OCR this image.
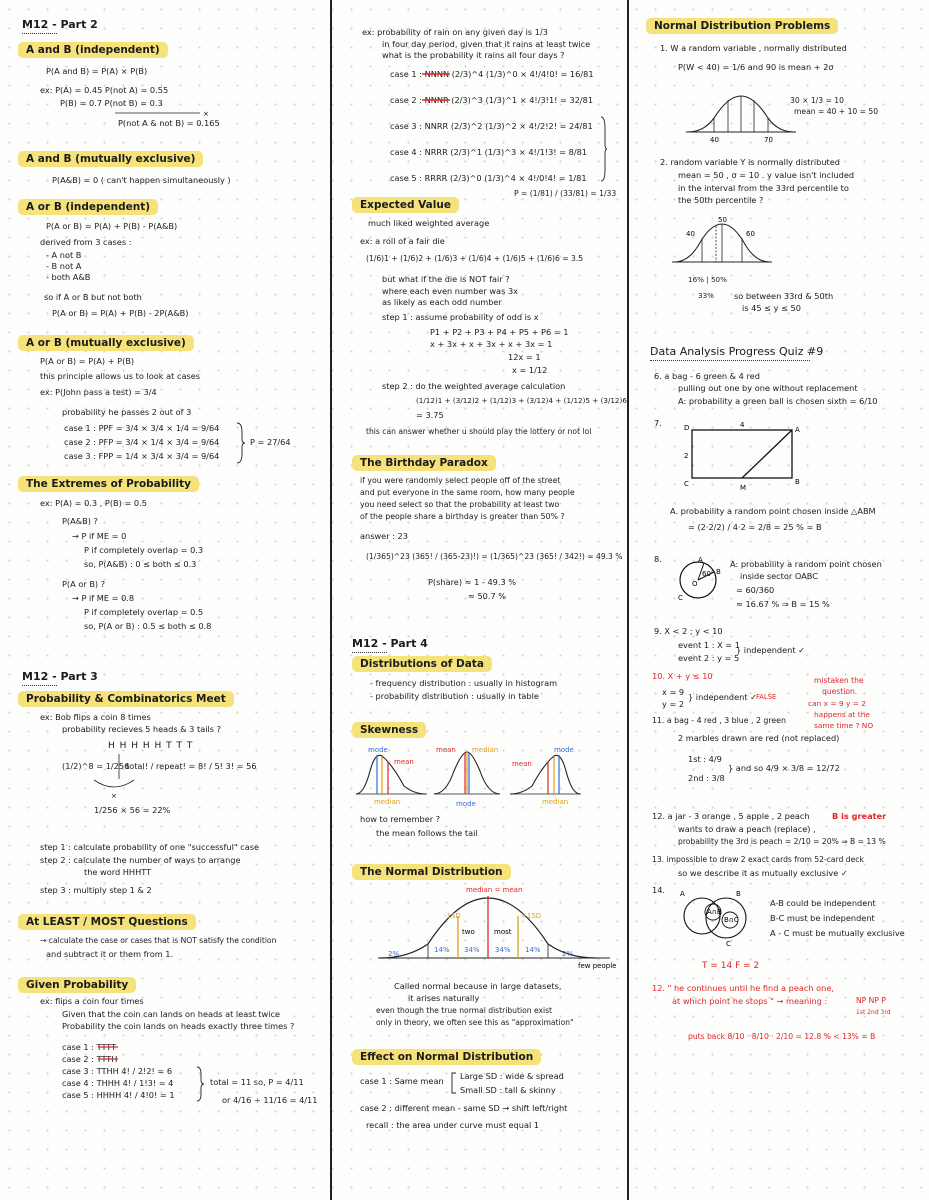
M12 - Part 2
A and B (independent)
P(A and B) = P(A) × P(B)
ex: P(A) = 0.45 P(not A) = 0.55
P(B) = 0.7 P(not B) = 0.3
×
P(not A & not B) = 0.165
A and B (mutually exclusive)
P(A&B) = 0 ( can't happen simultaneously )
A or B (independent)
P(A or B) = P(A) + P(B) - P(A&B)
derived from 3 cases :
- A not B
- B not A
- both A&B
so if A or B but not both
P(A or B) = P(A) + P(B) - 2P(A&B)
A or B (mutually exclusive)
P(A or B) = P(A) + P(B)
this principle allows us to look at cases
ex: P(John pass a test) = 3/4
probability he passes 2 out of 3
case 1 : PPF = 3/4 × 3/4 × 1/4 = 9/64
case 2 : PFP = 3/4 × 1/4 × 3/4 = 9/64
case 3 : FPP = 1/4 × 3/4 × 3/4 = 9/64
P = 27/64
The Extremes of Probability
ex: P(A) = 0.3 , P(B) = 0.5
P(A&B) ?
→ P if ME = 0
P if completely overlap = 0.3
so, P(A&B) : 0 ≤ both ≤ 0.3
P(A or B) ?
→ P if ME = 0.8
P if completely overlap = 0.5
so, P(A or B) : 0.5 ≤ both ≤ 0.8
M12 - Part 3
Probability & Combinatorics Meet
ex: Bob flips a coin 8 times
probability recieves 5 heads & 3 tails ?
H H H H H T T T
(1/2)^8 = 1/256
total! / repeat! = 8! / 5! 3! = 56
×
1/256 × 56 = 22%
step 1 : calculate probability of one "successful" case
step 2 : calculate the number of ways to arrange
the word HHHTT
step 3 : multiply step 1 & 2
At LEAST / MOST Questions
→ calculate the case or cases that is NOT satisfy the condition
and subtract it or them from 1.
Given Probability
ex: flips a coin four times
Given that the coin can lands on heads at least twice
Probability the coin lands on heads exactly three times ?
case 1 : TTTT
case 2 : TTTH
case 3 : TTHH 4! / 2!2! = 6
case 4 : THHH 4! / 1!3! = 4
case 5 : HHHH 4! / 4!0! = 1
total = 11 so, P = 4/11
or 4/16 ÷ 11/16 = 4/11
ex: probability of rain on any given day is 1/3
in four day period, given that it rains at least twice
what is the probability it rains all four days ?
case 1 : NNNN (2/3)^4 (1/3)^0 × 4!/4!0! = 16/81
case 2 : NNNR (2/3)^3 (1/3)^1 × 4!/3!1! = 32/81
case 3 : NNRR (2/3)^2 (1/3)^2 × 4!/2!2! = 24/81
case 4 : NRRR (2/3)^1 (1/3)^3 × 4!/1!3! = 8/81
case 5 : RRRR (2/3)^0 (1/3)^4 × 4!/0!4! = 1/81
P = (1/81) / (33/81) = 1/33
Expected Value
much liked weighted average
ex: a roll of a fair die
(1/6)1 + (1/6)2 + (1/6)3 + (1/6)4 + (1/6)5 + (1/6)6 = 3.5
but what if the die is NOT fair ?
where each even number was 3x
as likely as each odd number
step 1 : assume probability of odd is x
P1 + P2 + P3 + P4 + P5 + P6 = 1
x + 3x + x + 3x + x + 3x = 1
12x = 1
x = 1/12
step 2 : do the weighted average calculation
(1/12)1 + (3/12)2 + (1/12)3 + (3/12)4 + (1/12)5 + (3/12)6
= 3.75
this can answer whether u should play the lottery or not lol
The Birthday Paradox
if you were randomly select people off of the street
and put everyone in the same room, how many people
you need select so that the probability at least two
of the people share a birthday is greater than 50% ?
answer : 23
(1/365)^23 (365! / (365-23)!) = (1/365)^23 (365! / 342!) ≈ 49.3 %
P(share) ≈ 1 - 49.3 %
≈ 50.7 %
M12 - Part 4
Distributions of Data
- frequency distribution : usually in histogram
- probability distribution : usually in table
Skewness
mode
mean
median
mean median
mode
mode
mean
median
how to remember ?
the mean follows the tail
The Normal Distribution
median = mean
-1SD	+1SD
two	most
2%	14% 34% 34% 14%	2%
few people
Called normal because in large datasets,
it arises naturally
even though the true normal distribution exist
only in theory, we often see this as "approximation"
Effect on Normal Distribution
case 1 : Same mean Large SD : wide & spread
Small SD : tall & skinny
case 2 : different mean - same SD → shift left/right
recall : the area under curve must equal 1
Normal Distribution Problems
1. W a random variable , normally distributed
P(W < 40) = 1/6 and 90 is mean + 2σ
40	70
30 × 1/3 = 10
mean = 40 + 10 = 50
2. random variable Y is normally distributed
mean = 50 , σ = 10 . y value isn't included
in the interval from the 33rd percentile to
the 50th percentile ?
40
50
60
16% | 50%
33% so between 33rd & 50th
is 45 ≤ y ≤ 50
Data Analysis Progress Quiz #9
6. a bag - 6 green & 4 red
pulling out one by one without replacement
A: probability a green ball is chosen sixth = 6/10
7.	D	4
A
2
C	M
B
A. probability a random point chosen inside △ABM
= (2·2/2) / 4·2 = 2/8 = 25 % = B
8.	A
B
O
C
60°
A: probability a random point chosen
inside sector OABC
= 60/360
≈ 16.67 % ⇒ B = 15 %
9. X < 2 ; y < 10
event 1 : X = 1
event 2 : y = 5
} independent ✓
10. X + y ≤ 10
x = 9
y = 2
} independent ✓
FALSE
mistaken the
question.
can x = 9 y = 2
happens at the
same time ? NO
11. a bag - 4 red , 3 blue , 2 green
2 marbles drawn are red (not replaced)
1st : 4/9
2nd : 3/8
} and so 4/9 × 3/8 = 12/72
12. a jar - 3 orange , 5 apple , 2 peach	B is greater
wants to draw a peach (replace) ,
probability the 3rd is peach = 2/10 = 20% ⇒ B = 13 %
13. impossible to draw 2 exact cards from 52-card deck
so we describe it as mutually exclusive ✓
14. A	B
C
A∩B
B∩C
A-B could be independent
B-C must be independent
A - C must be mutually exclusive
T = 14 F = 2
12. " he continues until he find a peach one,
at which point he stops " → meaning :	NP NP P
1st 2nd 3rd
puts back 8/10 · 8/10 · 2/10 = 12.8 % < 13% = B
